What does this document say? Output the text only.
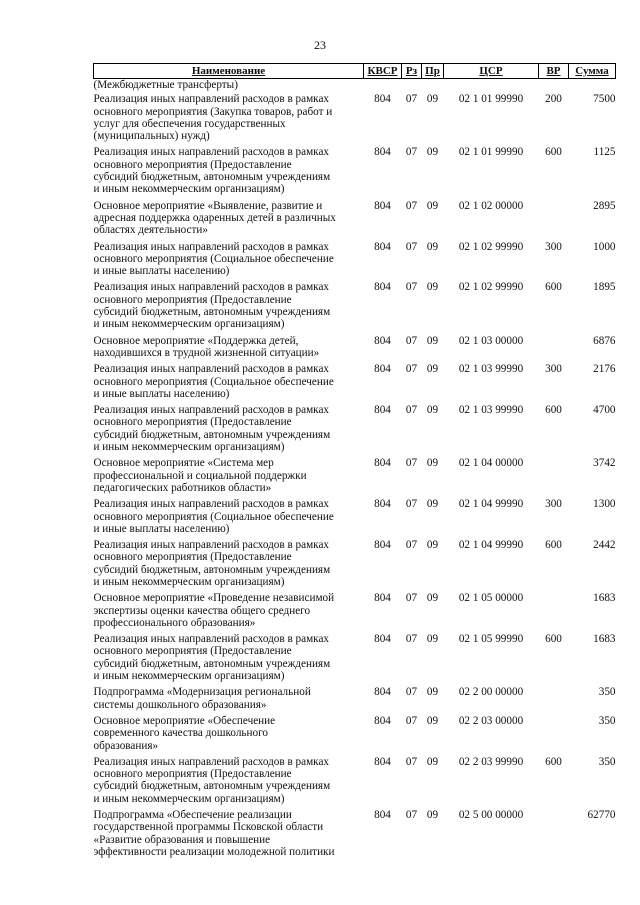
23
Наименование	КВСР	Рз	Пр	ЦСР	ВР	Сумма
(Межбюджетные трансферты)						
Реализация иных направлений расходов в рамках
основного мероприятия (Закупка товаров, работ и
услуг для обеспечения государственных
(муниципальных) нужд)	804	07	09	02 1 01 99990	200	7500
Реализация иных направлений расходов в рамках
основного мероприятия (Предоставление
субсидий бюджетным, автономным учреждениям
и иным некоммерческим организациям)	804	07	09	02 1 01 99990	600	1125
Основное мероприятие «Выявление, развитие и
адресная поддержка одаренных детей в различных
областях деятельности»	804	07	09	02 1 02 00000		2895
Реализация иных направлений расходов в рамках
основного мероприятия (Социальное обеспечение
и иные выплаты населению)	804	07	09	02 1 02 99990	300	1000
Реализация иных направлений расходов в рамках
основного мероприятия (Предоставление
субсидий бюджетным, автономным учреждениям
и иным некоммерческим организациям)	804	07	09	02 1 02 99990	600	1895
Основное мероприятие «Поддержка детей,
находившихся в трудной жизненной ситуации»	804	07	09	02 1 03 00000		6876
Реализация иных направлений расходов в рамках
основного мероприятия (Социальное обеспечение
и иные выплаты населению)	804	07	09	02 1 03 99990	300	2176
Реализация иных направлений расходов в рамках
основного мероприятия (Предоставление
субсидий бюджетным, автономным учреждениям
и иным некоммерческим организациям)	804	07	09	02 1 03 99990	600	4700
Основное мероприятие «Система мер
профессиональной и социальной поддержки
педагогических работников области»	804	07	09	02 1 04 00000		3742
Реализация иных направлений расходов в рамках
основного мероприятия (Социальное обеспечение
и иные выплаты населению)	804	07	09	02 1 04 99990	300	1300
Реализация иных направлений расходов в рамках
основного мероприятия (Предоставление
субсидий бюджетным, автономным учреждениям
и иным некоммерческим организациям)	804	07	09	02 1 04 99990	600	2442
Основное мероприятие «Проведение независимой
экспертизы оценки качества общего среднего
профессионального образования»	804	07	09	02 1 05 00000		1683
Реализация иных направлений расходов в рамках
основного мероприятия (Предоставление
субсидий бюджетным, автономным учреждениям
и иным некоммерческим организациям)	804	07	09	02 1 05 99990	600	1683
Подпрограмма «Модернизация региональной
системы дошкольного образования»	804	07	09	02 2 00 00000		350
Основное мероприятие «Обеспечение
современного качества дошкольного
образования»	804	07	09	02 2 03 00000		350
Реализация иных направлений расходов в рамках
основного мероприятия (Предоставление
субсидий бюджетным, автономным учреждениям
и иным некоммерческим организациям)	804	07	09	02 2 03 99990	600	350
Подпрограмма «Обеспечение реализации
государственной программы Псковской области
«Развитие образования и повышение
эффективности реализации молодежной политики	804	07	09	02 5 00 00000		62770
